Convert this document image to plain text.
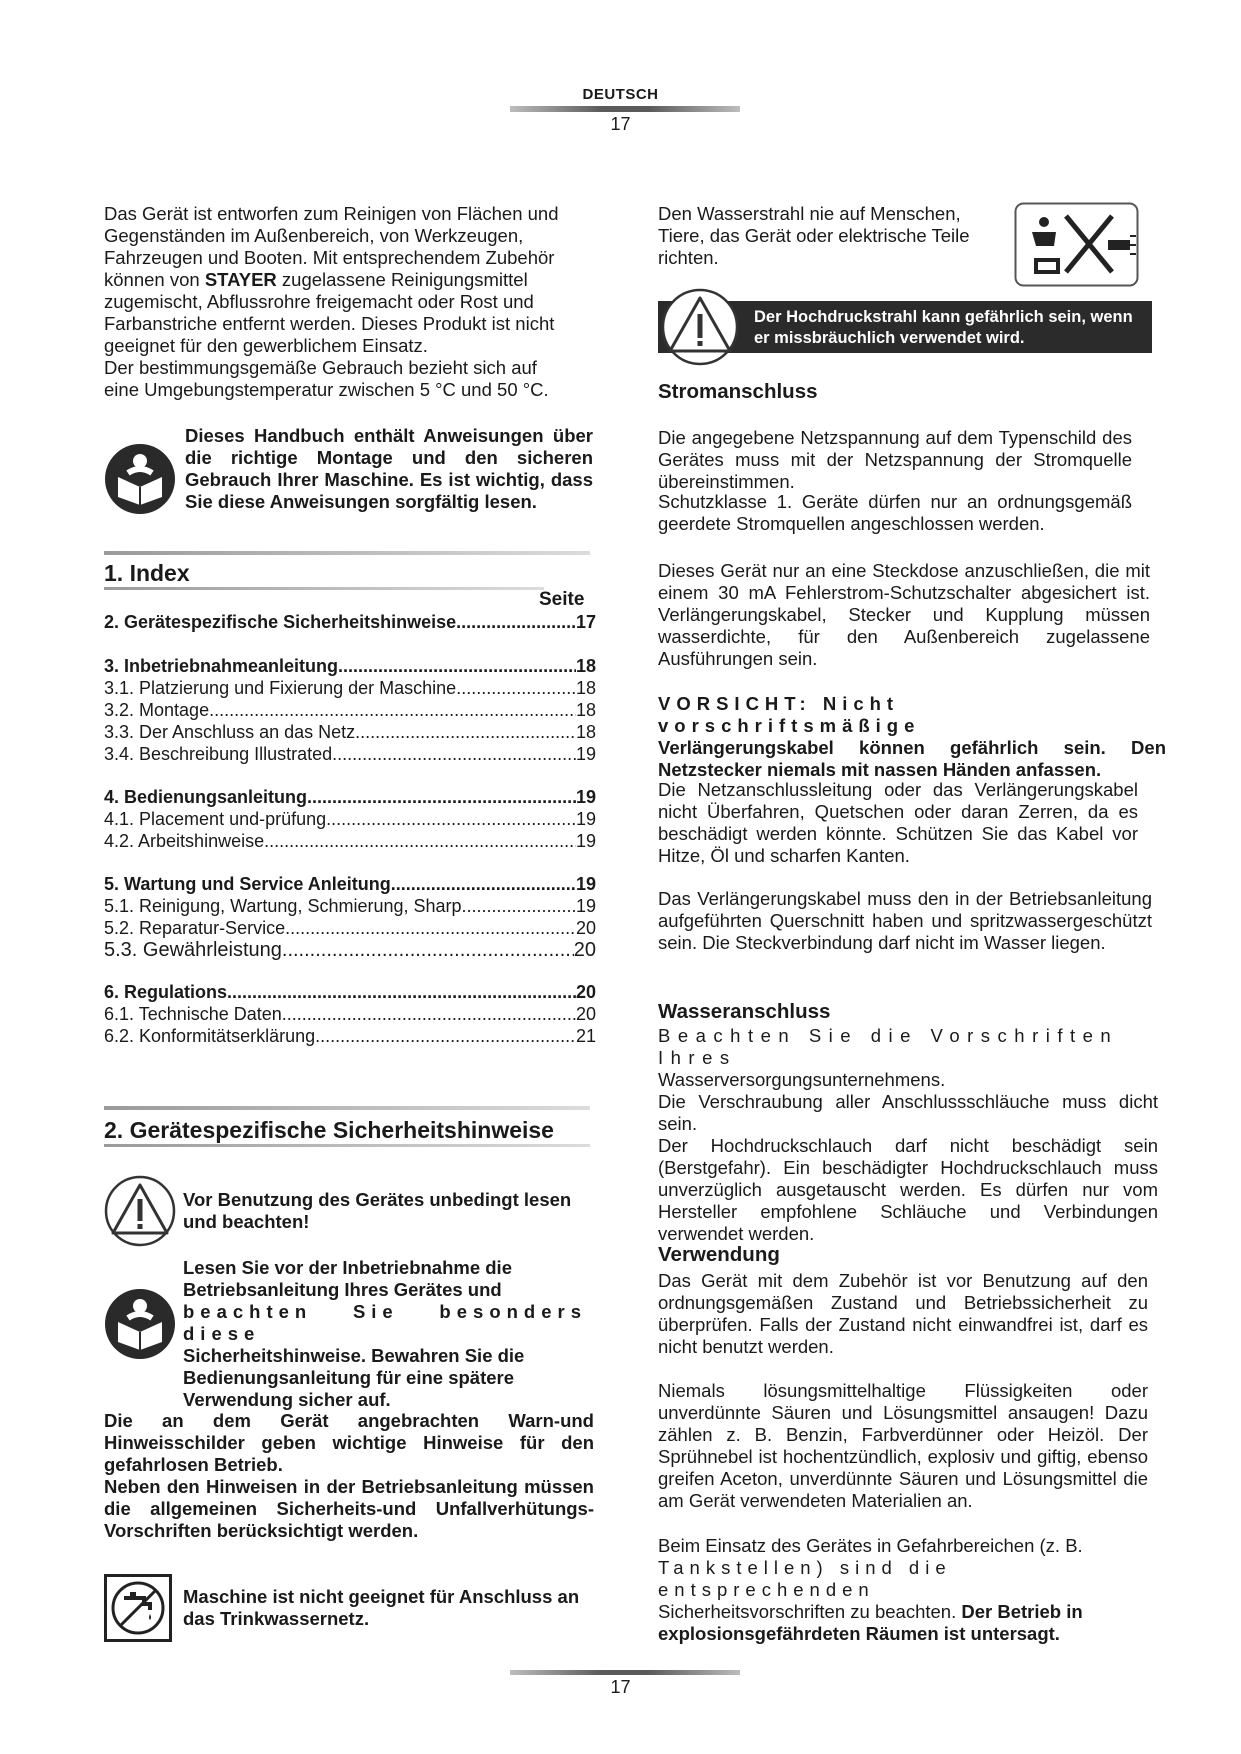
DEUTSCH
17

Das Gerät ist entworfen zum Reinigen von Flächen und

Gegenständen im Außenbereich, von Werkzeugen,

Fahrzeugen und Booten. Mit entsprechendem Zubehör

können von STAYER zugelassene Reinigungsmittel

zugemischt, Abflussrohre freigemacht oder Rost und

Farbanstriche entfernt werden. Dieses Produkt ist nicht

geeignet für den gewerblichem Einsatz.

Der bestimmungsgemäße Gebrauch bezieht sich auf

eine Umgebungstemperatur zwischen 5 °C und 50 °C.

Dieses Handbuch enthält Anweisungen über die richtige Montage und den sicheren Gebrauch Ihrer Maschine. Es ist wichtig, dass Sie diese Anweisungen sorgfältig lesen.
1. Index
Seite
2. Gerätespezifische Sicherheitshinweise .....	17
3. Inbetriebnahmeanleitung .....	18
3.1. Platzierung und Fixierung der Maschine .....	18
3.2. Montage .....	18
3.3. Der Anschluss an das Netz .....	18
3.4. Beschreibung Illustrated .....	19
4. Bedienungsanleitung .....	19
4.1. Placement und-prüfung .....	19
4.2. Arbeitshinweise .....	19
5. Wartung und Service Anleitung .....	19
5.1. Reinigung, Wartung, Schmierung, Sharp .....	19
5.2. Reparatur-Service .....	20
5.3. Gewährleistung .....	20
6. Regulations .....	20
6.1. Technische Daten .....	20
6.2. Konformitätserklärung .....	21
2. Gerätespezifische Sicherheitshinweise
Vor Benutzung des Gerätes unbedingt lesen und beachten!

Lesen Sie vor der Inbetriebnahme die

Betriebsanleitung Ihres Gerätes und

beachten Sie besonders diese

Sicherheitshinweise. Bewahren Sie die

Bedienungsanleitung für eine spätere

Verwendung sicher auf.

Die an dem Gerät angebrachten Warn-und Hinweisschilder geben wichtige Hinweise für den gefahrlosen Betrieb.
Neben den Hinweisen in der Betriebsanleitung müssen die allgemeinen Sicherheits-und Unfallverhütungs-Vorschriften berücksichtigt werden.
Maschine ist nicht geeignet für Anschluss an das Trinkwassernetz.

Den Wasserstrahl nie auf Menschen,

Tiere, das Gerät oder elektrische Teile

richten.

Der Hochdruckstrahl kann gefährlich sein, wenn er missbräuchlich verwendet wird.
Stromanschluss
Die angegebene Netzspannung auf dem Typenschild des Gerätes muss mit der Netzspannung der Stromquelle übereinstimmen.
Schutzklasse 1. Geräte dürfen nur an ordnungsgemäß geerdete Stromquellen angeschlossen werden.
Dieses Gerät nur an eine Steckdose anzuschließen, die mit einem 30 mA Fehlerstrom-Schutzschalter abgesichert ist. Verlängerungskabel, Stecker und Kupplung müssen wasserdichte, für den Außenbereich zugelassene Ausführungen sein.

VORSICHT: Nicht vorschriftsmäßige

Verlängerungskabel können gefährlich sein. Den Netzstecker niemals mit nassen Händen anfassen.

Die Netzanschlussleitung oder das Verlängerungskabel nicht Überfahren, Quetschen oder daran Zerren, da es beschädigt werden könnte. Schützen Sie das Kabel vor Hitze, Öl und scharfen Kanten.
Das Verlängerungskabel muss den in der Betriebsanleitung aufgeführten Querschnitt haben und spritzwassergeschützt sein. Die Steckverbindung darf nicht im Wasser liegen.
Wasseranschluss

Beachten Sie die Vorschriften Ihres

Wasserversorgungsunternehmens.

Die Verschraubung aller Anschlussschläuche muss dicht sein.

Der Hochdruckschlauch darf nicht beschädigt sein (Berstgefahr). Ein beschädigter Hochdruckschlauch muss unverzüglich ausgetauscht werden. Es dürfen nur vom Hersteller empfohlene Schläuche und Verbindungen verwendet werden.

Verwendung
Das Gerät mit dem Zubehör ist vor Benutzung auf den ordnungsgemäßen Zustand und Betriebssicherheit zu überprüfen. Falls der Zustand nicht einwandfrei ist, darf es nicht benutzt werden.
Niemals lösungsmittelhaltige Flüssigkeiten oder unverdünnte Säuren und Lösungsmittel ansaugen! Dazu zählen z. B. Benzin, Farbverdünner oder Heizöl. Der Sprühnebel ist hochentzündlich, explosiv und giftig, ebenso greifen Aceton, unverdünnte Säuren und Lösungsmittel die am Gerät verwendeten Materialien an.

Beim Einsatz des Gerätes in Gefahrbereichen (z. B.

Tankstellen) sind die entsprechenden

Sicherheitsvorschriften zu beachten. Der Betrieb in explosionsgefährdeten Räumen ist untersagt.

17
